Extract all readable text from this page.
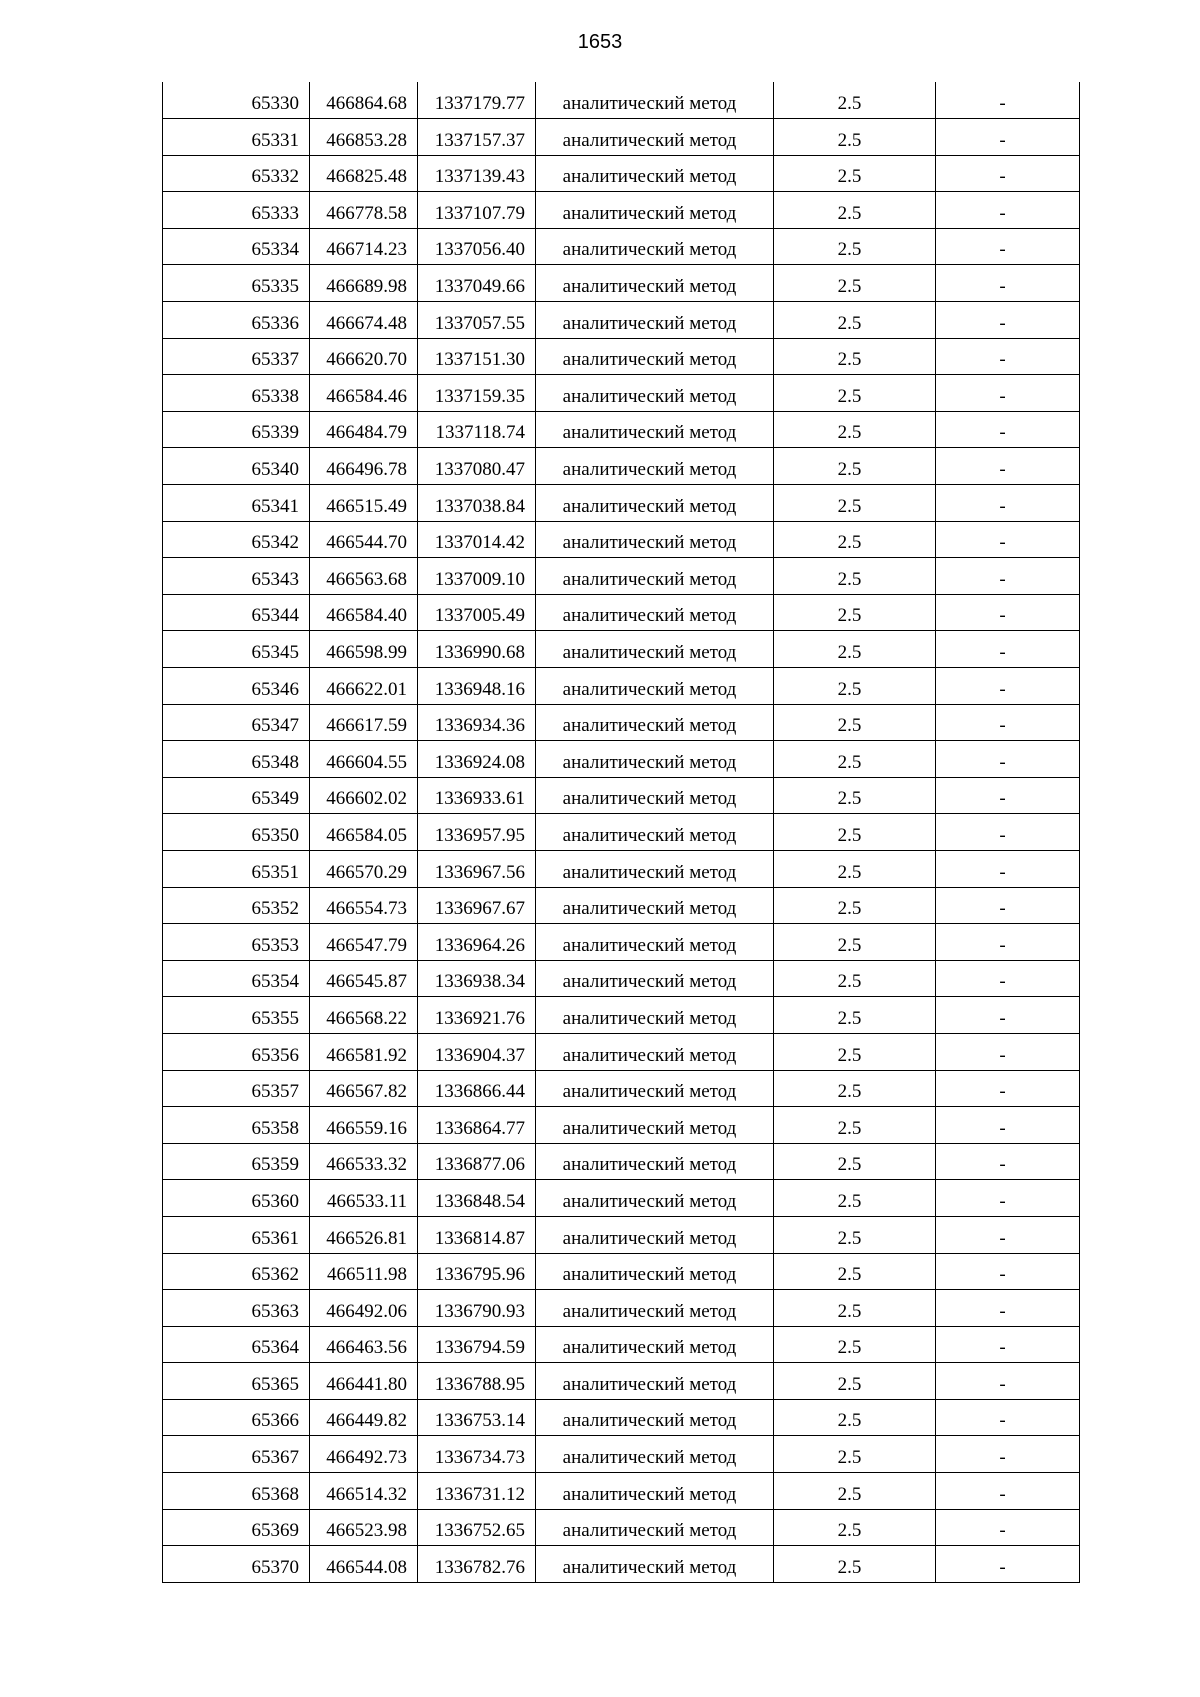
1653
65330	466864.68	1337179.77	аналитический метод	2.5	-
65331	466853.28	1337157.37	аналитический метод	2.5	-
65332	466825.48	1337139.43	аналитический метод	2.5	-
65333	466778.58	1337107.79	аналитический метод	2.5	-
65334	466714.23	1337056.40	аналитический метод	2.5	-
65335	466689.98	1337049.66	аналитический метод	2.5	-
65336	466674.48	1337057.55	аналитический метод	2.5	-
65337	466620.70	1337151.30	аналитический метод	2.5	-
65338	466584.46	1337159.35	аналитический метод	2.5	-
65339	466484.79	1337118.74	аналитический метод	2.5	-
65340	466496.78	1337080.47	аналитический метод	2.5	-
65341	466515.49	1337038.84	аналитический метод	2.5	-
65342	466544.70	1337014.42	аналитический метод	2.5	-
65343	466563.68	1337009.10	аналитический метод	2.5	-
65344	466584.40	1337005.49	аналитический метод	2.5	-
65345	466598.99	1336990.68	аналитический метод	2.5	-
65346	466622.01	1336948.16	аналитический метод	2.5	-
65347	466617.59	1336934.36	аналитический метод	2.5	-
65348	466604.55	1336924.08	аналитический метод	2.5	-
65349	466602.02	1336933.61	аналитический метод	2.5	-
65350	466584.05	1336957.95	аналитический метод	2.5	-
65351	466570.29	1336967.56	аналитический метод	2.5	-
65352	466554.73	1336967.67	аналитический метод	2.5	-
65353	466547.79	1336964.26	аналитический метод	2.5	-
65354	466545.87	1336938.34	аналитический метод	2.5	-
65355	466568.22	1336921.76	аналитический метод	2.5	-
65356	466581.92	1336904.37	аналитический метод	2.5	-
65357	466567.82	1336866.44	аналитический метод	2.5	-
65358	466559.16	1336864.77	аналитический метод	2.5	-
65359	466533.32	1336877.06	аналитический метод	2.5	-
65360	466533.11	1336848.54	аналитический метод	2.5	-
65361	466526.81	1336814.87	аналитический метод	2.5	-
65362	466511.98	1336795.96	аналитический метод	2.5	-
65363	466492.06	1336790.93	аналитический метод	2.5	-
65364	466463.56	1336794.59	аналитический метод	2.5	-
65365	466441.80	1336788.95	аналитический метод	2.5	-
65366	466449.82	1336753.14	аналитический метод	2.5	-
65367	466492.73	1336734.73	аналитический метод	2.5	-
65368	466514.32	1336731.12	аналитический метод	2.5	-
65369	466523.98	1336752.65	аналитический метод	2.5	-
65370	466544.08	1336782.76	аналитический метод	2.5	-
